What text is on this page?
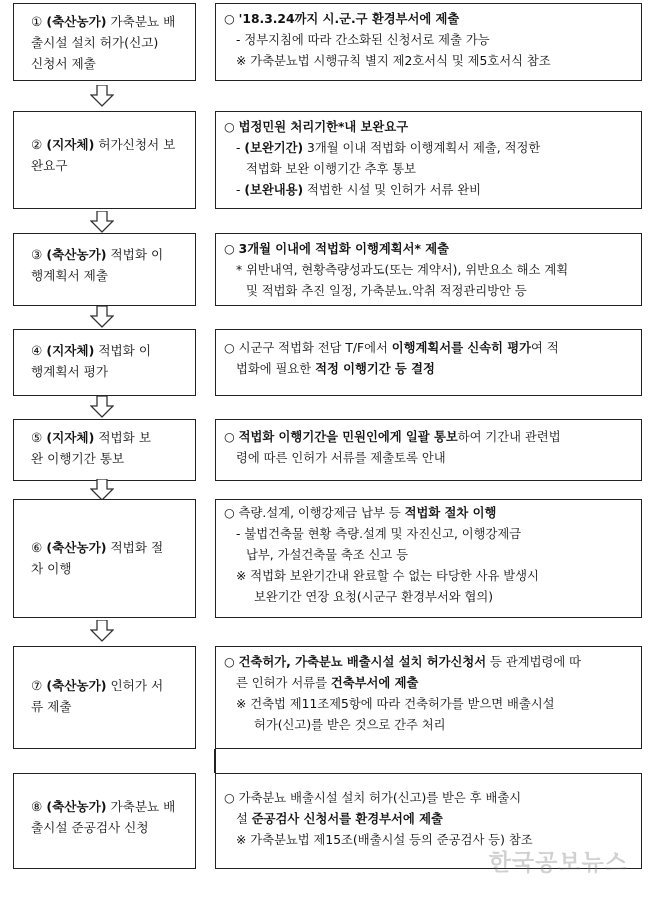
① (축산농가) 가축분뇨 배
출시설 설치 허가(신고)
신청서 제출
○ '18.3.24까지 시.군.구 환경부서에 제출
- 정부지침에 따라 간소화된 신청서로 제출 가능
※ 가축분뇨법 시행규칙 별지 제2호서식 및 제5호서식 참조
② (지자체) 허가신청서 보
완요구
○ 법정민원 처리기한*내 보완요구
- (보완기간) 3개월 이내 적법화 이행계획서 제출, 적정한
적법화 보완 이행기간 추후 통보
- (보완내용) 적법한 시설 및 인허가 서류 완비
③ (축산농가) 적법화 이
행계획서 제출
○ 3개월 이내에 적법화 이행계획서* 제출
* 위반내역, 현황측량성과도(또는 계약서), 위반요소 해소 계획
및 적법화 추진 일정, 가축분뇨.악취 적정관리방안 등
④ (지자체) 적법화 이
행계획서 평가
○ 시군구 적법화 전담 T/F에서 이행계획서를 신속히 평가여 적
법화에 필요한 적정 이행기간 등 결정
⑤ (지자체) 적법화 보
완 이행기간 통보
○ 적법화 이행기간을 민원인에게 일괄 통보하여 기간내 관련법
령에 따른 인허가 서류를 제출토록 안내
⑥ (축산농가) 적법화 절
차 이행
○ 측량.설계, 이행강제금 납부 등 적법화 절차 이행
- 불법건축물 현황 측량.설계 및 자진신고, 이행강제금
납부, 가설건축물 축조 신고 등
※ 적법화 보완기간내 완료할 수 없는 타당한 사유 발생시
보완기간 연장 요청(시군구 환경부서와 협의)
⑦ (축산농가) 인허가 서
류 제출
○ 건축허가, 가축분뇨 배출시설 설치 허가신청서 등 관계법령에 따
른 인허가 서류를 건축부서에 제출
※ 건축법 제11조제5항에 따라 건축허가를 받으면 배출시설
허가(신고)를 받은 것으로 간주 처리
⑧ (축산농가) 가축분뇨 배
출시설 준공검사 신청
○ 가축분뇨 배출시설 설치 허가(신고)를 받은 후 배출시
설 준공검사 신청서를 환경부서에 제출
※ 가축분뇨법 제15조(배출시설 등의 준공검사 등) 참조
한국공보뉴스
